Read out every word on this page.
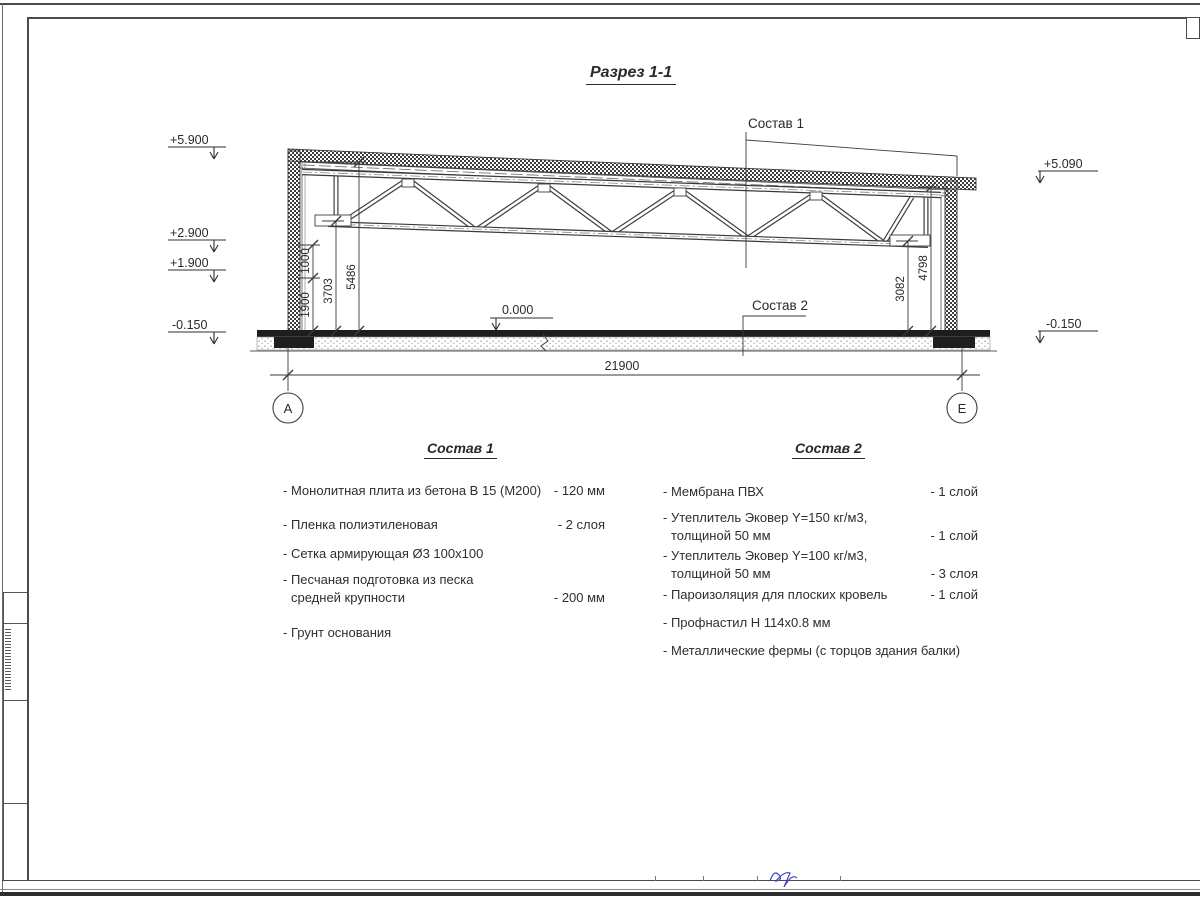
Разрез 1-1
+5.900
+2.900
+1.900
-0.150
+5.090
-0.150
0.000
Состав 1
Состав 2
1000
1900
3703
5486	3082
4798
21900
А	Е
Состав 1
- Монолитная плита из бетона В 15 (М200) - 120 мм
- Пленка полиэтиленовая	- 2 слоя
- Сетка армирующая Ø3 100х100
- Песчаная подготовка из песка
средней крупности	- 200 мм
- Грунт основания
Состав 2
- Мембрана ПВХ	- 1 слой
- Утеплитель Эковер Y=150 кг/м3,
толщиной 50 мм	- 1 слой
- Утеплитель Эковер Y=100 кг/м3,
толщиной 50 мм	- 3 слоя
- Пароизоляция для плоских кровель	- 1 слой
- Профнастил Н 114х0.8 мм
- Металлические фермы (с торцов здания балки)
